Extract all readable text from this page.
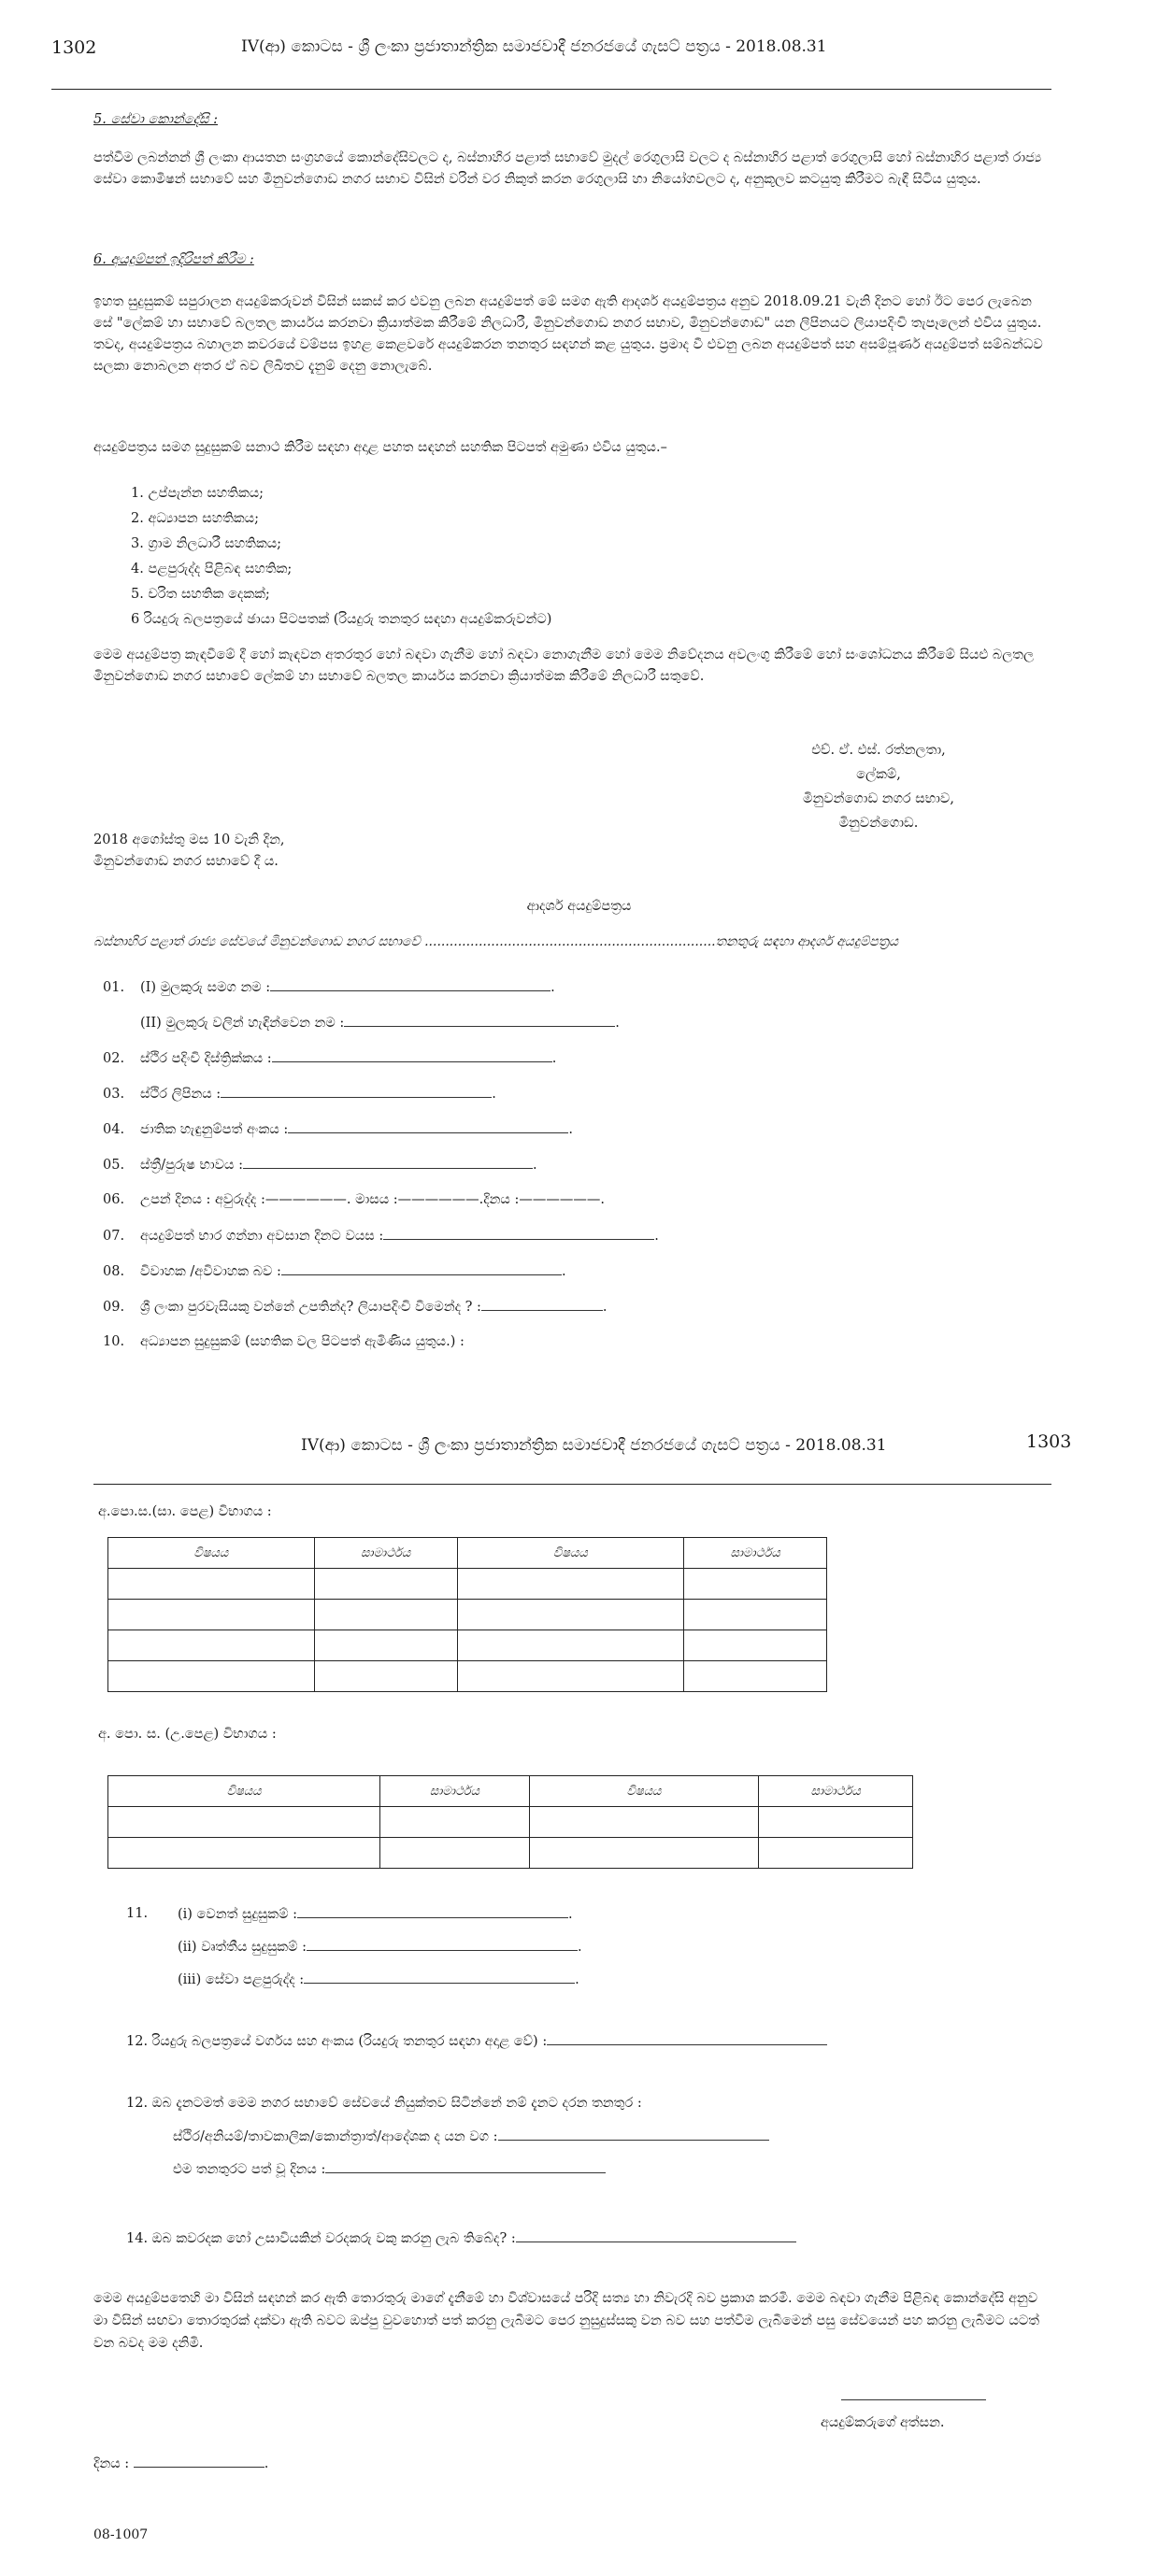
1302	IV(ආ) කොටස - ශ්‍රී ලංකා ප්‍රජාතාන්ත්‍රික සමාජවාදී ජනරජයේ ගැසට් පත්‍රය - 2018.08.31
5. සේවා කොන්දේසි :

පත්වීම ලබන්නන් ශ්‍රී ලංකා ආයතන සංග්‍රහයේ කොන්දේසිවලට ද, බස්නාහිර පළාත් සභාවේ මුදල් රෙගුලාසි වලට ද බස්නාහිර පළාත් රෙගුලාසි හෝ බස්නාහිර පළාත් රාජ්‍ය සේවා කොමිෂන් සභාවේ සහ මිනුවන්ගොඩ නගර සභාව විසින් වරින් වර නිකුත් කරන රෙගුලාසි හා නියෝගවලට ද, අනුකූලව කටයුතු කිරීමට බැඳී සිටිය යුතුය.

6. අයදුම්පත් ඉදිරිපත් කිරීම :

ඉහත සුදුසුකම් සපුරාලන අයදුම්කරුවන් විසින් සකස් කර එවනු ලබන අයදුම්පත් මේ සමග ඇති ආදර්ශ අයදුම්පත්‍රය අනුව 2018.09.21 වැනි දිනට හෝ ඊට පෙර ලැබෙන සේ "ලේකම් හා සභාවේ බලතල කාර්යය කරනවා ක්‍රියාත්මක කිරීමේ නිලධාරී, මිනුවන්ගොඩ නගර සභාව, මිනුවන්ගොඩ" යන ලිපිනයට ලියාපදිංචි තැපෑලෙන් එවිය යුතුය. තවද, අයදුම්පත්‍රය බහාලන කවරයේ වම්පස ඉහළ කෙළවරේ අයදුම්කරන තනතුර සඳහන් කළ යුතුය. ප්‍රමාද වී එවනු ලබන අයදුම්පත් සහ අසම්පූර්ණ අයදුම්පත් සම්බන්ධව සලකා නොබලන අතර ඒ බව ලිඛිතව දැනුම් දෙනු නොලැබේ.

අයදුම්පත්‍රය සමග සුදුසුකම් සනාථ කිරීම සඳහා අදාළ පහත සඳහන් සහතික පිටපත් අමුණා එවිය යුතුය.–

1. උප්පැන්න සහතිකය;

2. අධ්‍යාපන සහතිකය;

3. ග්‍රාම නිලධාරී සහතිකය;

4. පළපුරුද්ද පිළිබඳ සහතික;

5. චරිත සහතික දෙකක්;

6 රියදුරු බලපත්‍රයේ ඡායා පිටපතක් (රියදුරු තනතුර සඳහා අයදුම්කරුවන්ට)

මෙම අයදුම්පත්‍ර කැඳවීමේ දී හෝ කැඳවන අතරතුර හෝ බඳවා ගැනීම හෝ බඳවා නොගැනීම හෝ මෙම නිවේදනය අවලංගු කිරීමේ හෝ සංශෝධනය කිරීමේ සියළු බලතල මිනුවන්ගොඩ නගර සභාවේ ලේකම් හා සභාවේ බලතල කාර්යය කරනවා ක්‍රියාත්මක කිරීමේ නිලධාරී සතුවේ.

එච්. ඒ. එස්. රත්නලතා,

ලේකම්,

මිනුවන්ගොඩ නගර සභාව,

මිනුවන්ගොඩ.

2018 අගෝස්තු මස 10 වැනි දින,

මිනුවන්ගොඩ නගර සභාවේ දී ය.

ආදර්ශ අයදුම්පත්‍රය
බස්නාහිර පළාත් රාජ්‍ය සේවයේ මිනුවන්ගොඩ නගර සභාවේ ......................................................................තනතුරු සඳහා ආදර්ශ අයදුම්පත්‍රය
01. (I) මුලකුරු සමග නම :	.
(II) මුලකුරු වලින් හැඳින්වෙන නම :	.
02. ස්ථිර පදිංචි දිස්ත්‍රික්කය :	.
03. ස්ථිර ලිපිනය :	.
04. ජාතික හැඳුනුම්පත් අංකය :	.
05. ස්ත්‍රී/පුරුෂ භාවය :	.
06. උපන් දිනය : අවුරුද්ද :——————. මාසය :——————.දිනය :——————.
07. අයදුම්පත් භාර ගන්නා අවසාන දිනට වයස :	.
08. විවාහක /අවිවාහක බව :	.
09. ශ්‍රී ලංකා පුරවැසියකු වන්නේ උපතින්ද? ලියාපදිංචි වීමෙන්ද ? :	.
10. අධ්‍යාපන සුදුසුකම් (සහතික වල පිටපත් ඇමිණිය යුතුය.) :
IV(ආ) කොටස - ශ්‍රී ලංකා ප්‍රජාතාන්ත්‍රික සමාජවාදී ජනරජයේ ගැසට් පත්‍රය - 2018.08.31	1303
අ.පො.ස.(සා. පෙළ) විභාගය :
විෂයය	සාමාර්ථය	විෂයය	සාමාර්ථය

අ. පො. ස. (උ.පෙළ) විභාගය :
විෂයය	සාමාර්ථය	විෂයය	සාමාර්ථය

11. (i) වෙනත් සුදුසුකම් :	.
(ii) වෘත්තීය සුදුසුකම් :	.
(iii) සේවා පළපුරුද්ද :	.
12. රියදුරු බලපත්‍රයේ වර්ගය සහ අංකය (රියදුරු තනතුර සඳහා අදාළ වේ) :
12. ඔබ දැනටමත් මෙම නගර සභාවේ සේවයේ නියුක්තව සිටින්නේ නම් දැනට දරන තනතුර :
ස්ථිර/අනියම්/තාවකාලික/කොන්ත්‍රාත්/ආදේශක ද යන වග :
එම තනතුරට පත් වූ දිනය :
14. ඔබ කවරදක හෝ උසාවියකින් වරදකරු වකු කරනු ලැබ තිබේද? :

මෙම අයදුම්පතෙහි මා විසින් සඳහන් කර ඇති තොරතුරු මාගේ දැනීමේ හා විශ්වාසයේ පරිදි සත්‍ය හා නිවැරදි බව ප්‍රකාශ කරමි. මෙම බඳවා ගැනීම පිළිබඳ කොන්දේසි අනුව මා විසින් සඟවා තොරතුරක් දක්වා ඇති බවට ඔප්පු වුවහොත් පත් කරනු ලැබීමට පෙර නුසුදුස්සකු වන බව සහ පත්වීම ලැබීමෙන් පසු සේවයෙන් පහ කරනු ලැබීමට යටත් වන බවද මම දනිමි.

අයදුම්කරුගේ අත්සන.
දිනය :	.
08-1007
